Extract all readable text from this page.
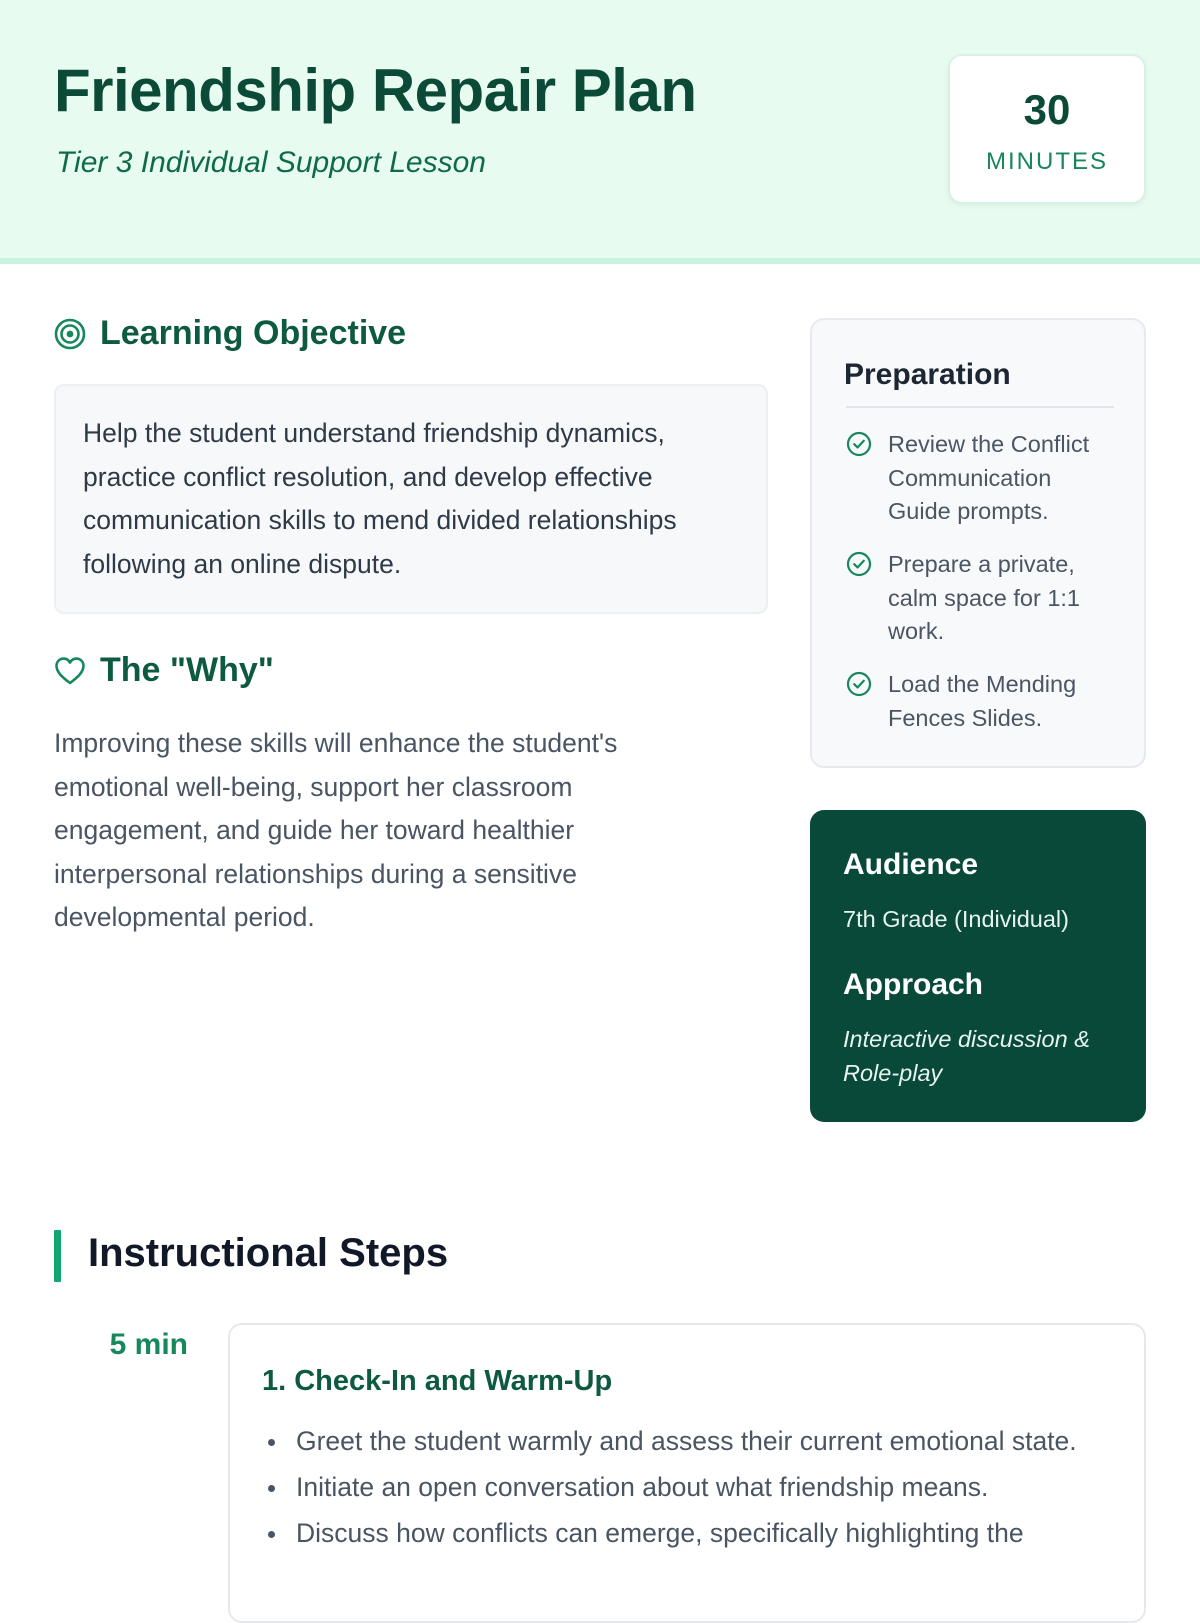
Friendship Repair Plan
Tier 3 Individual Support Lesson
30
MINUTES
Learning Objective

Help the student understand friendship dynamics, practice conflict resolution, and develop effective communication skills to mend divided relationships following an online dispute.

The "Why"

Improving these skills will enhance the student's emotional well-being, support her classroom engagement, and guide her toward healthier interpersonal relationships during a sensitive developmental period.

Preparation
Review the Conflict Communication Guide prompts.
Prepare a private, calm space for 1:1 work.
Load the Mending Fences Slides.
Audience
7th Grade (Individual)
Approach
Interactive discussion & Role-play
Instructional Steps
5 min
1. Check-In and Warm-Up
Greet the student warmly and assess their current emotional state.
Initiate an open conversation about what friendship means.
Discuss how conflicts can emerge, specifically highlighting the
